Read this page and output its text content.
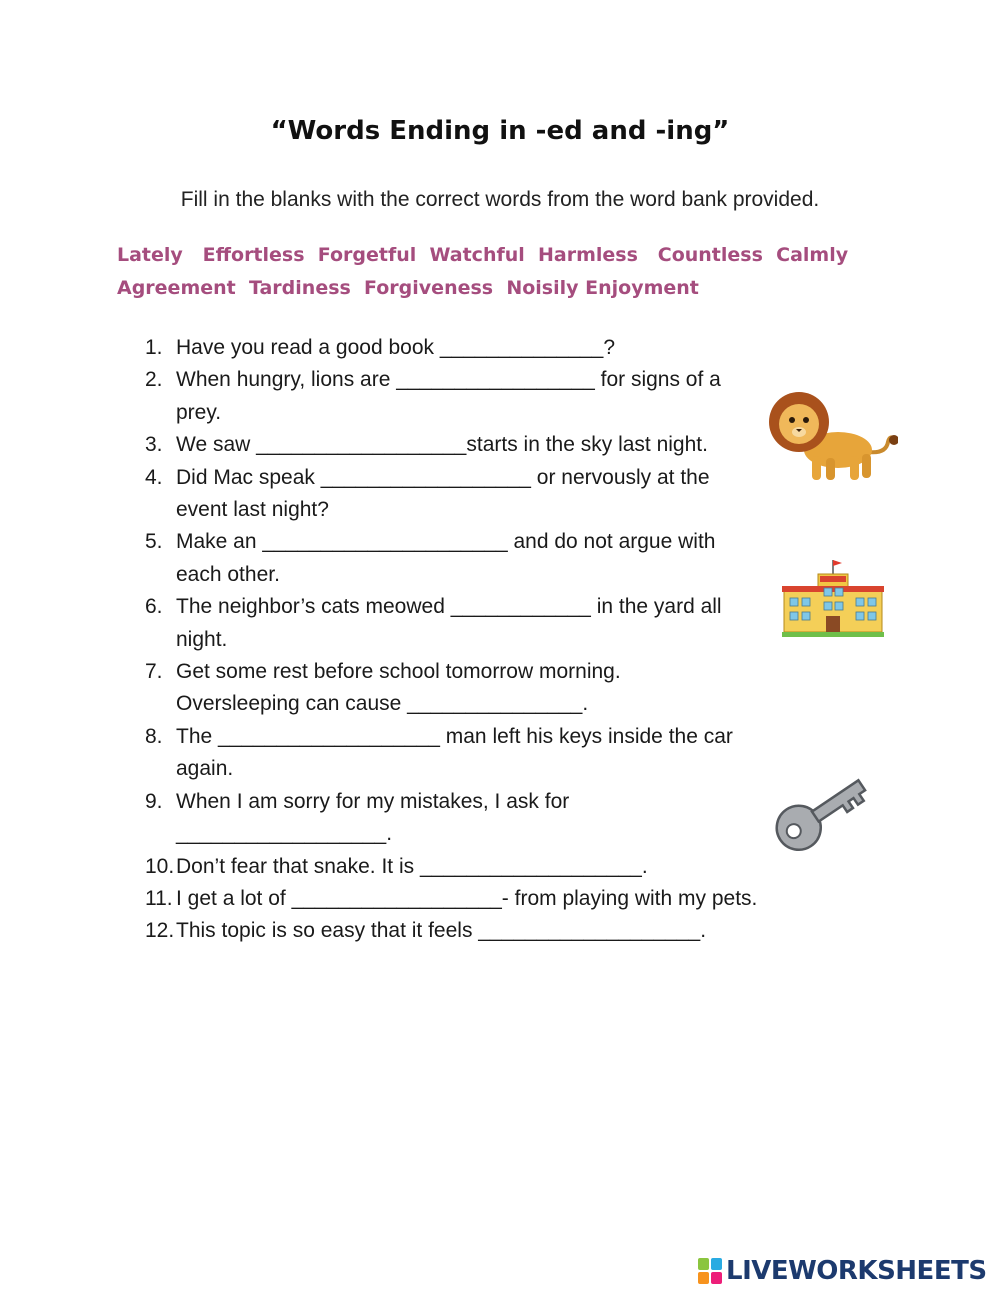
“Words Ending in -ed and -ing”
Fill in the blanks with the correct words from the word bank provided.
Lately   Effortless  Forgetful  Watchful  Harmless   Countless  Calmly
Agreement  Tardiness  Forgiveness  Noisily Enjoyment
1. Have you read a good book ______________?
2. When hungry, lions are _________________ for signs of a prey.
3. We saw __________________starts in the sky last night.
4. Did Mac speak __________________ or nervously at the event last night?
5. Make an _____________________ and do not argue with each other.
6. The neighbor’s cats meowed ____________ in the yard all night.
7. Get some rest before school tomorrow morning. Oversleeping can cause _______________.
8. The ___________________ man left his keys inside the car again.
9. When I am sorry for my mistakes, I ask for __________________.
10. Don’t fear that snake. It is ___________________.
11. I get a lot of __________________- from playing with my pets.
12. This topic is so easy that it feels ___________________.
LIVEWORKSHEETS
